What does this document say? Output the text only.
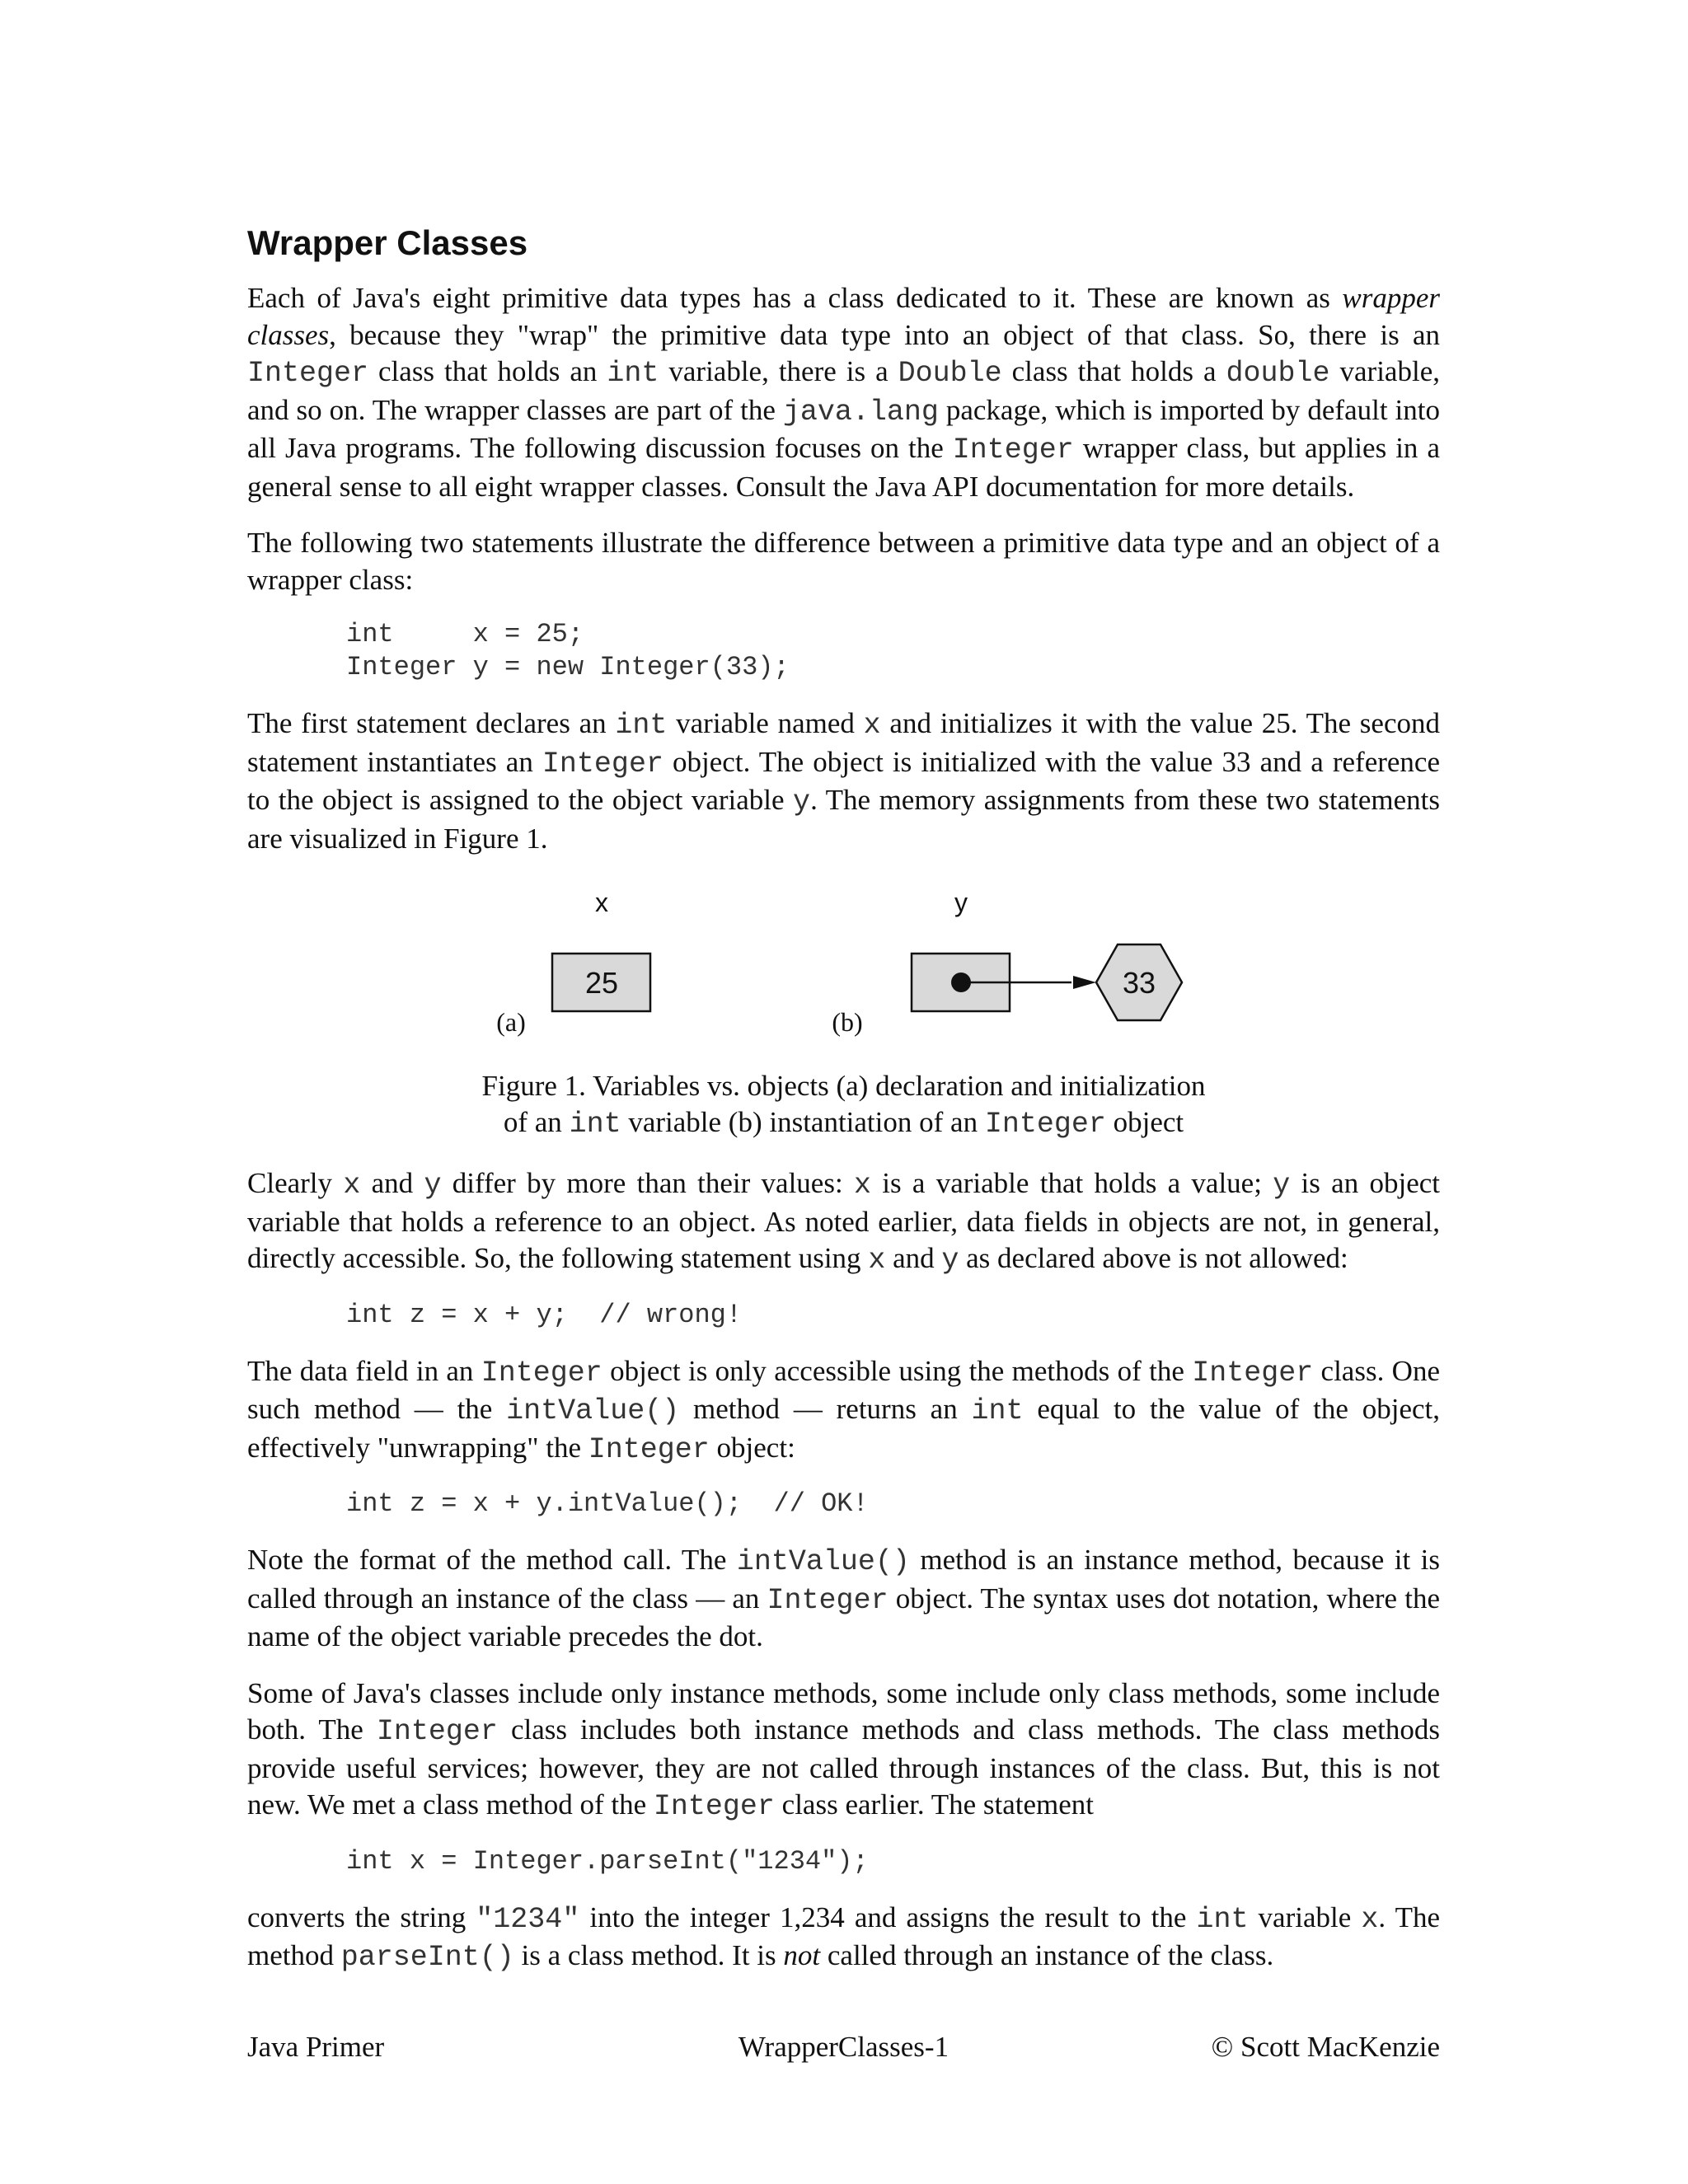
Wrapper Classes

Each of Java's eight primitive data types has a class dedicated to it. These are known as wrapper classes, because they "wrap" the primitive data type into an object of that class. So, there is an Integer class that holds an int variable, there is a Double class that holds a double variable, and so on. The wrapper classes are part of the java.lang package, which is imported by default into all Java programs. The following discussion focuses on the Integer wrapper class, but applies in a general sense to all eight wrapper classes. Consult the Java API documentation for more details.

The following two statements illustrate the difference between a primitive data type and an object of a wrapper class:

int     x = 25;
Integer y = new Integer(33);

The first statement declares an int variable named x and initializes it with the value 25. The second statement instantiates an Integer object. The object is initialized with the value 33 and a reference to the object is assigned to the object variable y. The memory assignments from these two statements are visualized in Figure 1.

x
25
(a)
y
33
(b)
Figure 1. Variables vs. objects (a) declaration and initialization
of an int variable (b) instantiation of an Integer object

Clearly x and y differ by more than their values: x is a variable that holds a value; y is an object variable that holds a reference to an object. As noted earlier, data fields in objects are not, in general, directly accessible. So, the following statement using x and y as declared above is not allowed:

int z = x + y;  // wrong!

The data field in an Integer object is only accessible using the methods of the Integer class. One such method — the intValue() method — returns an int equal to the value of the object, effectively "unwrapping" the Integer object:

int z = x + y.intValue();  // OK!

Note the format of the method call. The intValue() method is an instance method, because it is called through an instance of the class — an Integer object. The syntax uses dot notation, where the name of the object variable precedes the dot.

Some of Java's classes include only instance methods, some include only class methods, some include both. The Integer class includes both instance methods and class methods. The class methods provide useful services; however, they are not called through instances of the class. But, this is not new. We met a class method of the Integer class earlier. The statement

int x = Integer.parseInt("1234");

converts the string "1234" into the integer 1,234 and assigns the result to the int variable x. The method parseInt() is a class method. It is not called through an instance of the class.

WrapperClasses-1
Java Primer	© Scott MacKenzie
